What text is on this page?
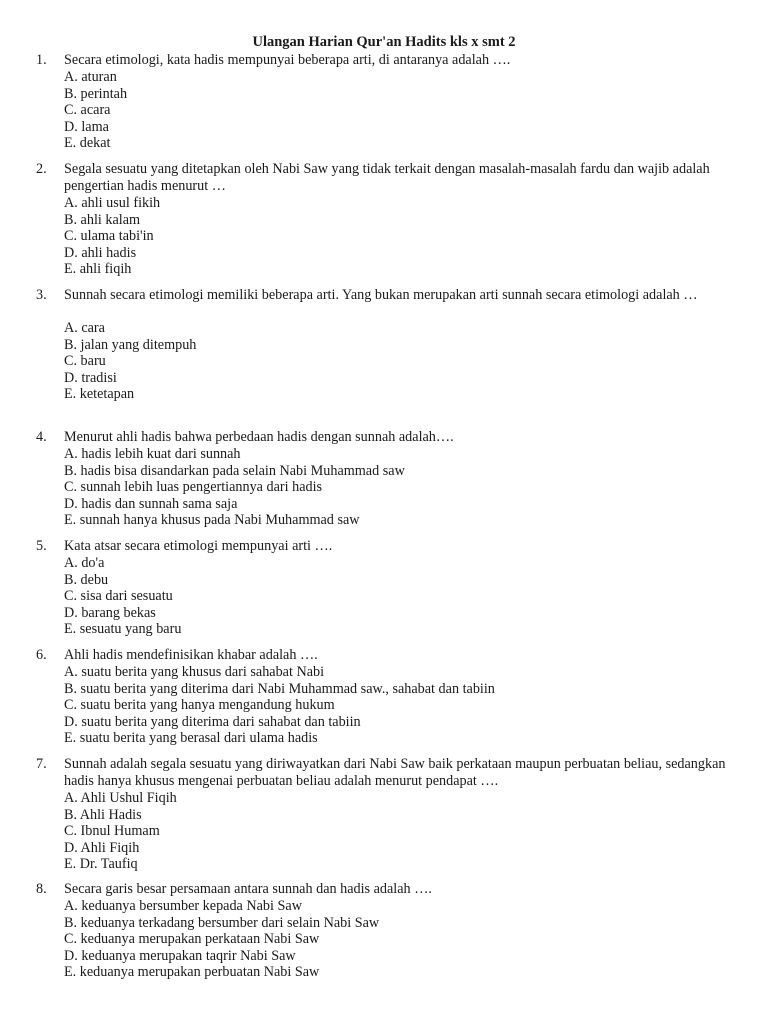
Ulangan Harian Qur'an Hadits kls x smt 2
1.	Secara etimologi, kata hadis mempunyai beberapa arti, di antaranya adalah ….
A. aturan
B. perintah
C. acara
D. lama
E. dekat
2.	Segala sesuatu yang ditetapkan oleh Nabi Saw yang tidak terkait dengan masalah-masalah fardu dan wajib adalah pengertian hadis menurut …
A. ahli usul fikih
B. ahli kalam
C. ulama tabi'in
D. ahli hadis
E. ahli fiqih
3.	Sunnah secara etimologi memiliki beberapa arti. Yang bukan merupakan arti sunnah secara etimologi adalah …
A. cara
B. jalan yang ditempuh
C. baru
D. tradisi
E. ketetapan
4.	Menurut ahli hadis bahwa perbedaan hadis dengan sunnah adalah….
A. hadis lebih kuat dari sunnah
B. hadis bisa disandarkan pada selain Nabi Muhammad saw
C. sunnah lebih luas pengertiannya dari hadis
D. hadis dan sunnah sama saja
E. sunnah hanya khusus pada Nabi Muhammad saw
5.	Kata atsar secara etimologi mempunyai arti ….
A. do'a
B. debu
C. sisa dari sesuatu
D. barang bekas
E. sesuatu yang baru
6.	Ahli hadis mendefinisikan khabar adalah ….
A. suatu berita yang khusus dari sahabat Nabi
B. suatu berita yang diterima dari Nabi Muhammad saw., sahabat dan tabiin
C. suatu berita yang hanya mengandung hukum
D. suatu berita yang diterima dari sahabat dan tabiin
E. suatu berita yang berasal dari ulama hadis
7.	Sunnah adalah segala sesuatu yang diriwayatkan dari Nabi Saw baik perkataan maupun perbuatan beliau, sedangkan hadis hanya khusus mengenai perbuatan beliau adalah menurut pendapat ….
A. Ahli Ushul Fiqih
B. Ahli Hadis
C. Ibnul Humam
D. Ahli Fiqih
E. Dr. Taufiq
8.	Secara garis besar persamaan antara sunnah dan hadis adalah ….
A. keduanya bersumber kepada Nabi Saw
B. keduanya terkadang bersumber dari selain Nabi Saw
C. keduanya merupakan perkataan Nabi Saw
D. keduanya merupakan taqrir Nabi Saw
E. keduanya merupakan perbuatan Nabi Saw
